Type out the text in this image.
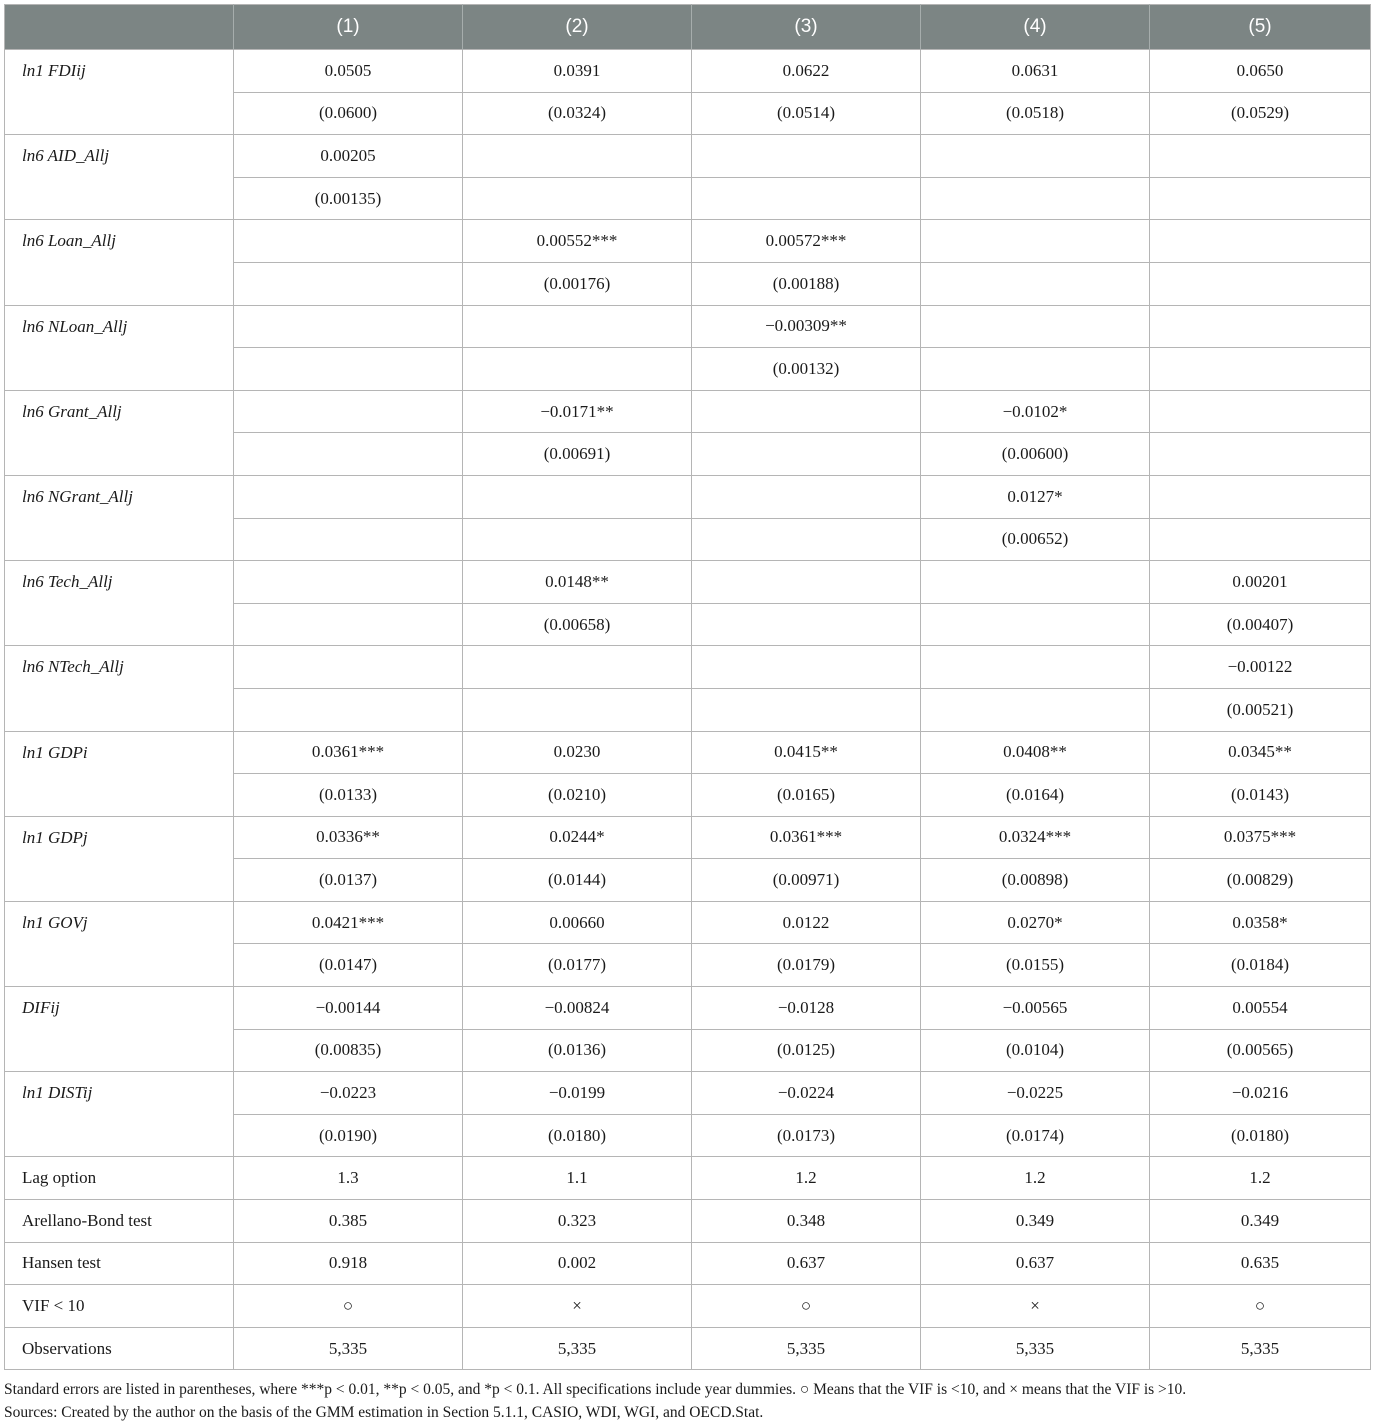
	(1)	(2)	(3)	(4)	(5)
ln1 FDIij	0.0505	0.0391	0.0622	0.0631	0.0650
	(0.0600)	(0.0324)	(0.0514)	(0.0518)	(0.0529)
ln6 AID_Allj	0.00205				
	(0.00135)				
ln6 Loan_Allj		0.00552***	0.00572***		
		(0.00176)	(0.00188)		
ln6 NLoan_Allj			−0.00309**		
			(0.00132)		
ln6 Grant_Allj		−0.0171**		−0.0102*	
		(0.00691)		(0.00600)	
ln6 NGrant_Allj				0.0127*	
				(0.00652)	
ln6 Tech_Allj		0.0148**			0.00201
		(0.00658)			(0.00407)
ln6 NTech_Allj					−0.00122
					(0.00521)
ln1 GDPi	0.0361***	0.0230	0.0415**	0.0408**	0.0345**
	(0.0133)	(0.0210)	(0.0165)	(0.0164)	(0.0143)
ln1 GDPj	0.0336**	0.0244*	0.0361***	0.0324***	0.0375***
	(0.0137)	(0.0144)	(0.00971)	(0.00898)	(0.00829)
ln1 GOVj	0.0421***	0.00660	0.0122	0.0270*	0.0358*
	(0.0147)	(0.0177)	(0.0179)	(0.0155)	(0.0184)
DIFij	−0.00144	−0.00824	−0.0128	−0.00565	0.00554
	(0.00835)	(0.0136)	(0.0125)	(0.0104)	(0.00565)
ln1 DISTij	−0.0223	−0.0199	−0.0224	−0.0225	−0.0216
	(0.0190)	(0.0180)	(0.0173)	(0.0174)	(0.0180)
Lag option	1.3	1.1	1.2	1.2	1.2
Arellano-Bond test	0.385	0.323	0.348	0.349	0.349
Hansen test	0.918	0.002	0.637	0.637	0.635
VIF < 10	○	×	○	×	○
Observations	5,335	5,335	5,335	5,335	5,335
Standard errors are listed in parentheses, where ***p < 0.01, **p < 0.05, and *p < 0.1. All specifications include year dummies. ○ Means that the VIF is <10, and × means that the VIF is >10.
Sources: Created by the author on the basis of the GMM estimation in Section 5.1.1, CASIO, WDI, WGI, and OECD.Stat.
